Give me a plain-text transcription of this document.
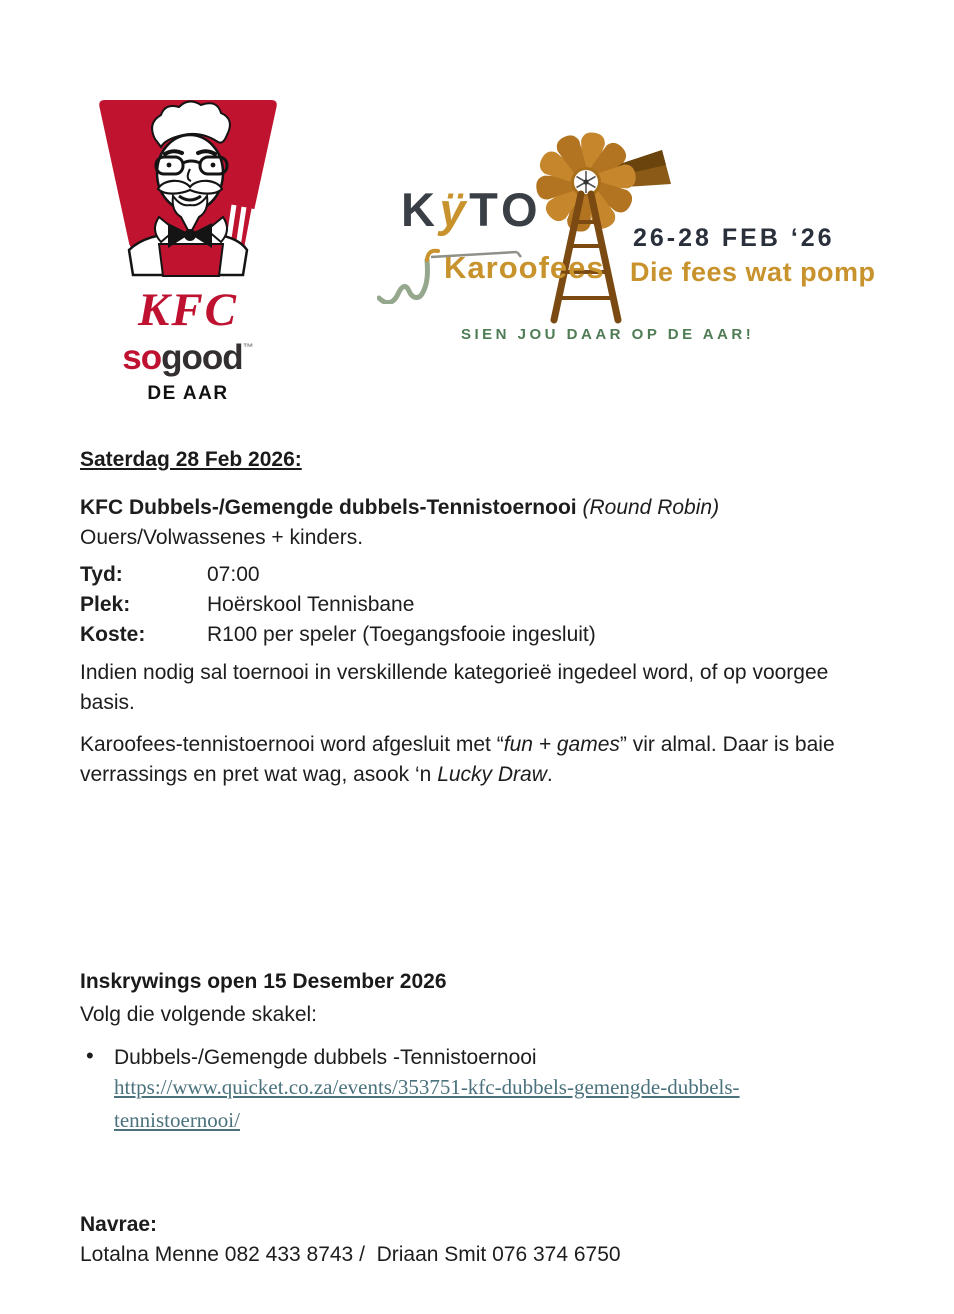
KFC
sogood™
DE AAR
KÿTO
26-28 FEB ‘26
Karoofees Die fees wat pomp
SIEN JOU DAAR OP DE AAR!
Saterdag 28 Feb 2026:
KFC Dubbels-/Gemengde dubbels-Tennistoernooi (Round Robin)
Ouers/Volwassenes + kinders.
Tyd:	07:00
Plek:	Hoërskool Tennisbane
Koste:	R100 per speler (Toegangsfooie ingesluit)
Indien nodig sal toernooi in verskillende kategorieë ingedeel word, of op voorgee basis.
Karoofees-tennistoernooi word afgesluit met “fun + games” vir almal. Daar is baie verrassings en pret wat wag, asook ‘n Lucky Draw.
Inskrywings open 15 Desember 2026
Volg die volgende skakel:
• Dubbels-/Gemengde dubbels -Tennistoernooi
https://www.quicket.co.za/events/353751-kfc-dubbels-gemengde-dubbels-tennistoernooi/
Navrae:
Lotalna Menne 082 433 8743 /  Driaan Smit 076 374 6750
